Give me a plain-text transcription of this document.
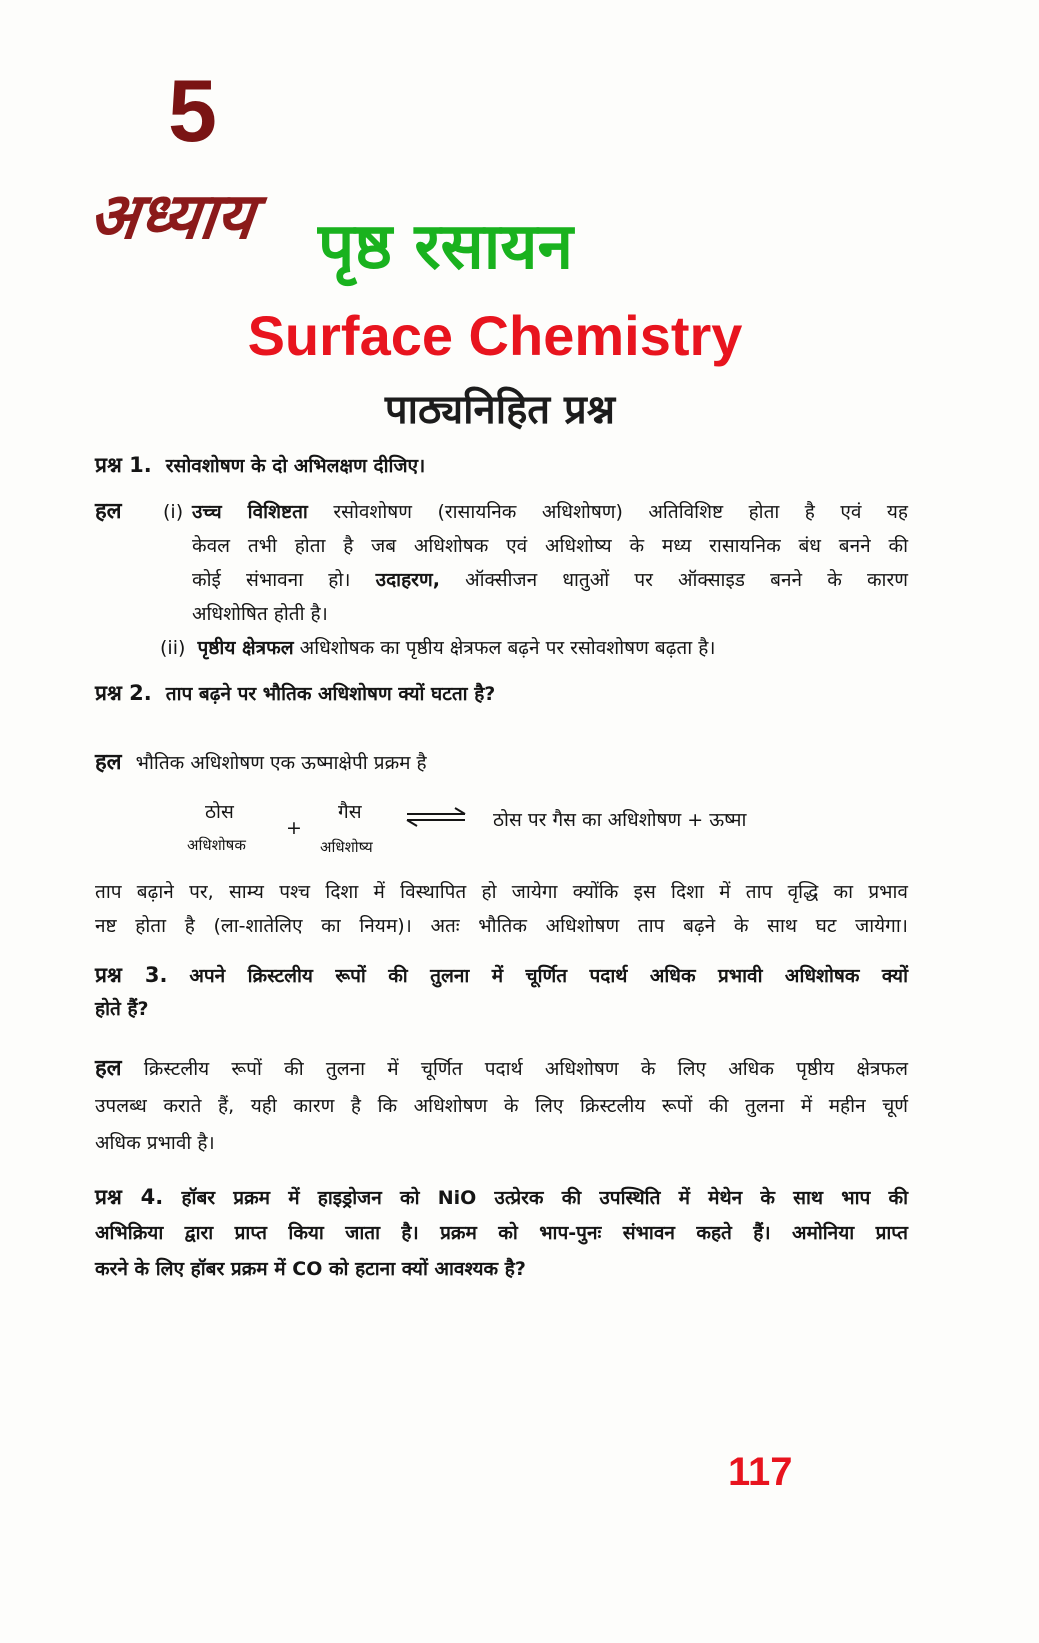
5
अध्याय पृष्ठ रसायन
Surface Chemistry
पाठ्यनिहित प्रश्न
प्रश्न 1. रसोवशोषण के दो अभिलक्षण दीजिए।
हल (i) उच्च विशिष्टता रसोवशोषण (रासायनिक अधिशोषण) अतिविशिष्ट होता है एवं यह
केवल तभी होता है जब अधिशोषक एवं अधिशोष्य के मध्य रासायनिक बंध बनने की
कोई संभावना हो। उदाहरण, ऑक्सीजन धातुओं पर ऑक्साइड बनने के कारण
अधिशोषित होती है।
(ii) पृष्ठीय क्षेत्रफल अधिशोषक का पृष्ठीय क्षेत्रफल बढ़ने पर रसोवशोषण बढ़ता है।
प्रश्न 2. ताप बढ़ने पर भौतिक अधिशोषण क्यों घटता है?
हल भौतिक अधिशोषण एक ऊष्माक्षेपी प्रक्रम है
ठोस
अधिशोषक
+
गैस
अधिशोष्य
⇌ ठोस पर गैस का अधिशोषण + ऊष्मा
ताप बढ़ाने पर, साम्य पश्च दिशा में विस्थापित हो जायेगा क्योंकि इस दिशा में ताप वृद्धि का प्रभाव
नष्ट होता है (ला-शातेलिए का नियम)। अतः भौतिक अधिशोषण ताप बढ़ने के साथ घट जायेगा।
प्रश्न 3. अपने क्रिस्टलीय रूपों की तुलना में चूर्णित पदार्थ अधिक प्रभावी अधिशोषक क्यों
होते हैं?
हल क्रिस्टलीय रूपों की तुलना में चूर्णित पदार्थ अधिशोषण के लिए अधिक पृष्ठीय क्षेत्रफल
उपलब्ध कराते हैं, यही कारण है कि अधिशोषण के लिए क्रिस्टलीय रूपों की तुलना में महीन चूर्ण
अधिक प्रभावी है।
प्रश्न 4. हॉबर प्रक्रम में हाइड्रोजन को NiO उत्प्रेरक की उपस्थिति में मेथेन के साथ भाप की
अभिक्रिया द्वारा प्राप्त किया जाता है। प्रक्रम को भाप-पुनः संभावन कहते हैं। अमोनिया प्राप्त
करने के लिए हॉबर प्रक्रम में CO को हटाना क्यों आवश्यक है?
117
